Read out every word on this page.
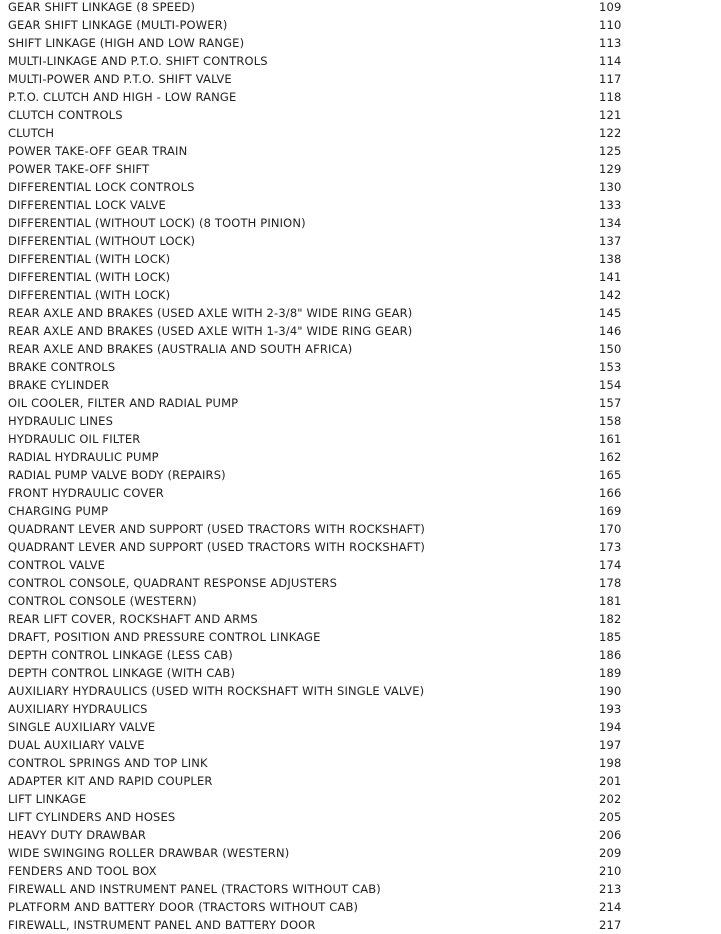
GEAR SHIFT LINKAGE (8 SPEED)	109
GEAR SHIFT LINKAGE (MULTI-POWER)	110
SHIFT LINKAGE (HIGH AND LOW RANGE)	113
MULTI-LINKAGE AND P.T.O. SHIFT CONTROLS	114
MULTI-POWER AND P.T.O. SHIFT VALVE	117
P.T.O. CLUTCH AND HIGH - LOW RANGE	118
CLUTCH CONTROLS	121
CLUTCH	122
POWER TAKE-OFF GEAR TRAIN	125
POWER TAKE-OFF SHIFT	129
DIFFERENTIAL LOCK CONTROLS	130
DIFFERENTIAL LOCK VALVE	133
DIFFERENTIAL (WITHOUT LOCK) (8 TOOTH PINION)	134
DIFFERENTIAL (WITHOUT LOCK)	137
DIFFERENTIAL (WITH LOCK)	138
DIFFERENTIAL (WITH LOCK)	141
DIFFERENTIAL (WITH LOCK)	142
REAR AXLE AND BRAKES (USED AXLE WITH 2-3/8" WIDE RING GEAR)	145
REAR AXLE AND BRAKES (USED AXLE WITH 1-3/4" WIDE RING GEAR)	146
REAR AXLE AND BRAKES (AUSTRALIA AND SOUTH AFRICA)	150
BRAKE CONTROLS	153
BRAKE CYLINDER	154
OIL COOLER, FILTER AND RADIAL PUMP	157
HYDRAULIC LINES	158
HYDRAULIC OIL FILTER	161
RADIAL HYDRAULIC PUMP	162
RADIAL PUMP VALVE BODY (REPAIRS)	165
FRONT HYDRAULIC COVER	166
CHARGING PUMP	169
QUADRANT LEVER AND SUPPORT (USED TRACTORS WITH ROCKSHAFT)	170
QUADRANT LEVER AND SUPPORT (USED TRACTORS WITH ROCKSHAFT)	173
CONTROL VALVE	174
CONTROL CONSOLE, QUADRANT RESPONSE ADJUSTERS	178
CONTROL CONSOLE (WESTERN)	181
REAR LIFT COVER, ROCKSHAFT AND ARMS	182
DRAFT, POSITION AND PRESSURE CONTROL LINKAGE	185
DEPTH CONTROL LINKAGE (LESS CAB)	186
DEPTH CONTROL LINKAGE (WITH CAB)	189
AUXILIARY HYDRAULICS (USED WITH ROCKSHAFT WITH SINGLE VALVE)	190
AUXILIARY HYDRAULICS	193
SINGLE AUXILIARY VALVE	194
DUAL AUXILIARY VALVE	197
CONTROL SPRINGS AND TOP LINK	198
ADAPTER KIT AND RAPID COUPLER	201
LIFT LINKAGE	202
LIFT CYLINDERS AND HOSES	205
HEAVY DUTY DRAWBAR	206
WIDE SWINGING ROLLER DRAWBAR (WESTERN)	209
FENDERS AND TOOL BOX	210
FIREWALL AND INSTRUMENT PANEL (TRACTORS WITHOUT CAB)	213
PLATFORM AND BATTERY DOOR (TRACTORS WITHOUT CAB)	214
FIREWALL, INSTRUMENT PANEL AND BATTERY DOOR	217
